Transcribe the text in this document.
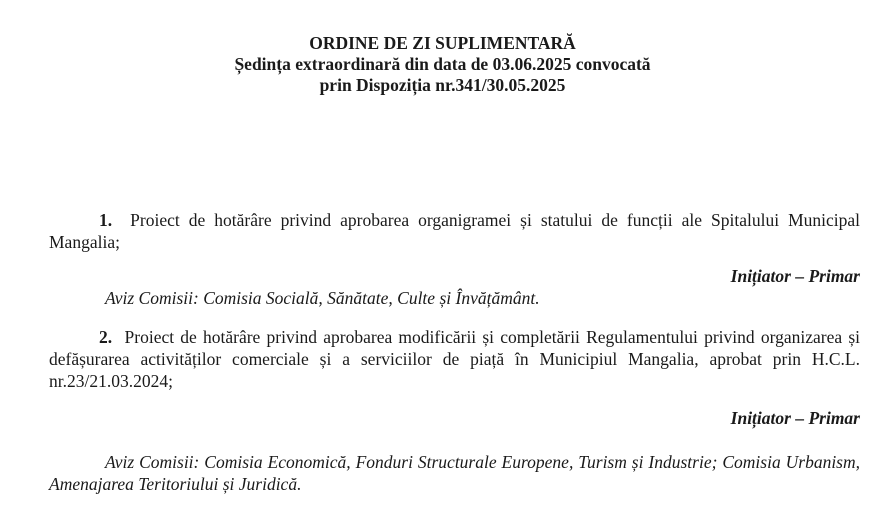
ORDINE DE ZI SUPLIMENTARĂ
Ședința extraordinară din data de 03.06.2025 convocată
prin Dispoziția nr.341/30.05.2025

1. Proiect de hotărâre privind aprobarea organigramei și statului de funcții ale Spitalului Municipal Mangalia;

Inițiator – Primar

Aviz Comisii: Comisia Socială, Sănătate, Culte și Învățământ.

2. Proiect de hotărâre privind aprobarea modificării și completării Regulamentului privind organizarea și defășurarea activităților comerciale și a serviciilor de piață în Municipiul Mangalia, aprobat prin H.C.L. nr.23/21.03.2024;

Inițiator – Primar

Aviz Comisii: Comisia Economică, Fonduri Structurale Europene, Turism și Industrie; Comisia Urbanism, Amenajarea Teritoriului și Juridică.
